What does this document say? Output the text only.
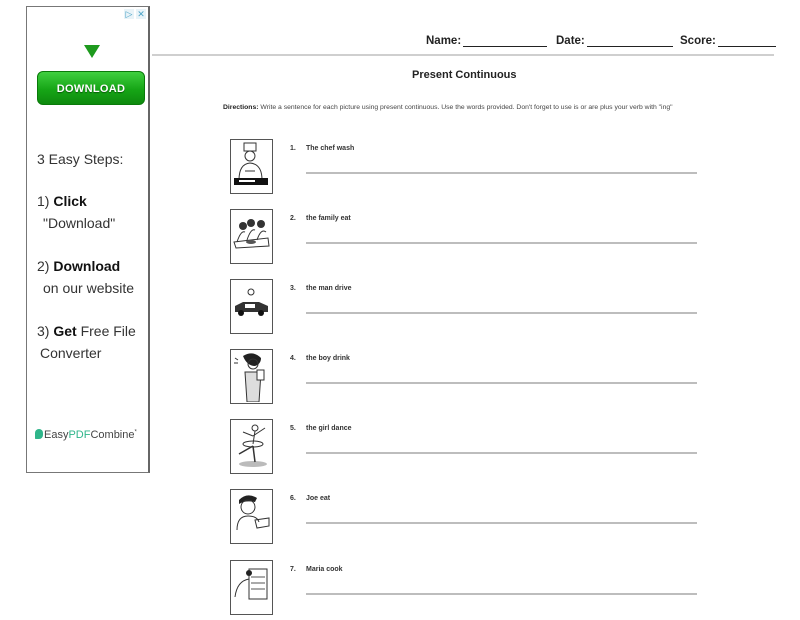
▷ ✕
DOWNLOAD
3 Easy Steps:
1) Click
"Download"
2) Download
on our website
3) Get Free File
Converter
EasyPDFCombine*
Name:	Date:	Score:
Present Continuous
Directions: Write a sentence for each picture using present continuous. Use the words provided. Don't forget to use is or are plus your verb with "ing"
1. The chef wash
2. the family eat
3. the man drive
4. the boy drink
5. the girl dance
6. Joe eat
7. Maria cook
